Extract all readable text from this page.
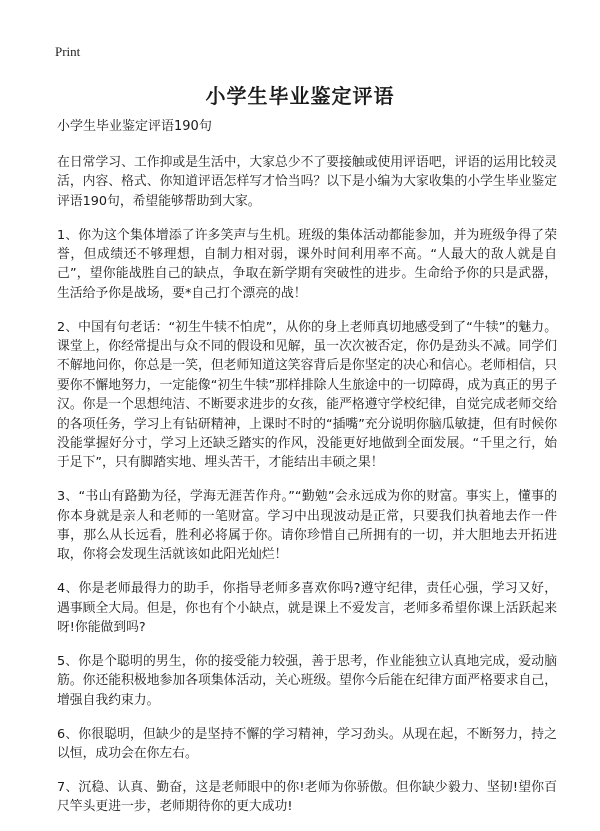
Print
小学生毕业鉴定评语

小学生毕业鉴定评语190句

在日常学习、工作抑或是生活中，大家总少不了要接触或使用评语吧，评语的运用比较灵活，内容、格式、你知道评语怎样写才恰当吗？以下是小编为大家收集的小学生毕业鉴定评语190句，希望能够帮助到大家。

1、你为这个集体增添了许多笑声与生机。班级的集体活动都能参加，并为班级争得了荣誉，但成绩还不够理想，自制力相对弱，课外时间利用率不高。“人最大的敌人就是自己”，望你能战胜自己的缺点，争取在新学期有突破性的进步。生命给予你的只是武器，生活给予你是战场，要*自己打个漂亮的战！

2、中国有句老话：“初生牛犊不怕虎”，从你的身上老师真切地感受到了“牛犊”的魅力。课堂上，你经常提出与众不同的假设和见解，虽一次次被否定，你仍是劲头不减。同学们不解地问你，你总是一笑，但老师知道这笑容背后是你坚定的决心和信心。老师相信，只要你不懈地努力，一定能像“初生牛犊”那样排除人生旅途中的一切障碍，成为真正的男子汉。你是一个思想纯洁、不断要求进步的女孩，能严格遵守学校纪律，自觉完成老师交给的各项任务，学习上有钻研精神，上课时不时的“插嘴”充分说明你脑瓜敏捷，但有时候你没能掌握好分寸，学习上还缺乏踏实的作风，没能更好地做到全面发展。“千里之行，始于足下”，只有脚踏实地、埋头苦干，才能结出丰硕之果！

3、“书山有路勤为径，学海无涯苦作舟。”“勤勉”会永远成为你的财富。事实上，懂事的你本身就是亲人和老师的一笔财富。学习中出现波动是正常，只要我们执着地去作一件事，那么从长远看，胜利必将属于你。请你珍惜自己所拥有的一切，并大胆地去开拓进取，你将会发现生活就该如此阳光灿烂！

4、你是老师最得力的助手，你指导老师多喜欢你吗?遵守纪律，责任心强，学习又好，遇事顾全大局。但是，你也有个小缺点，就是课上不爱发言，老师多希望你课上活跃起来呀!你能做到吗?

5、你是个聪明的男生，你的接受能力较强，善于思考，作业能独立认真地完成，爱动脑筋。你还能积极地参加各项集体活动，关心班级。望你今后能在纪律方面严格要求自己，增强自我约束力。

6、你很聪明，但缺少的是坚持不懈的学习精神，学习劲头。从现在起，不断努力，持之以恒，成功会在你左右。

7、沉稳、认真、勤奋，这是老师眼中的你!老师为你骄傲。但你缺少毅力、坚韧!望你百尺竿头更进一步，老师期待你的更大成功!
